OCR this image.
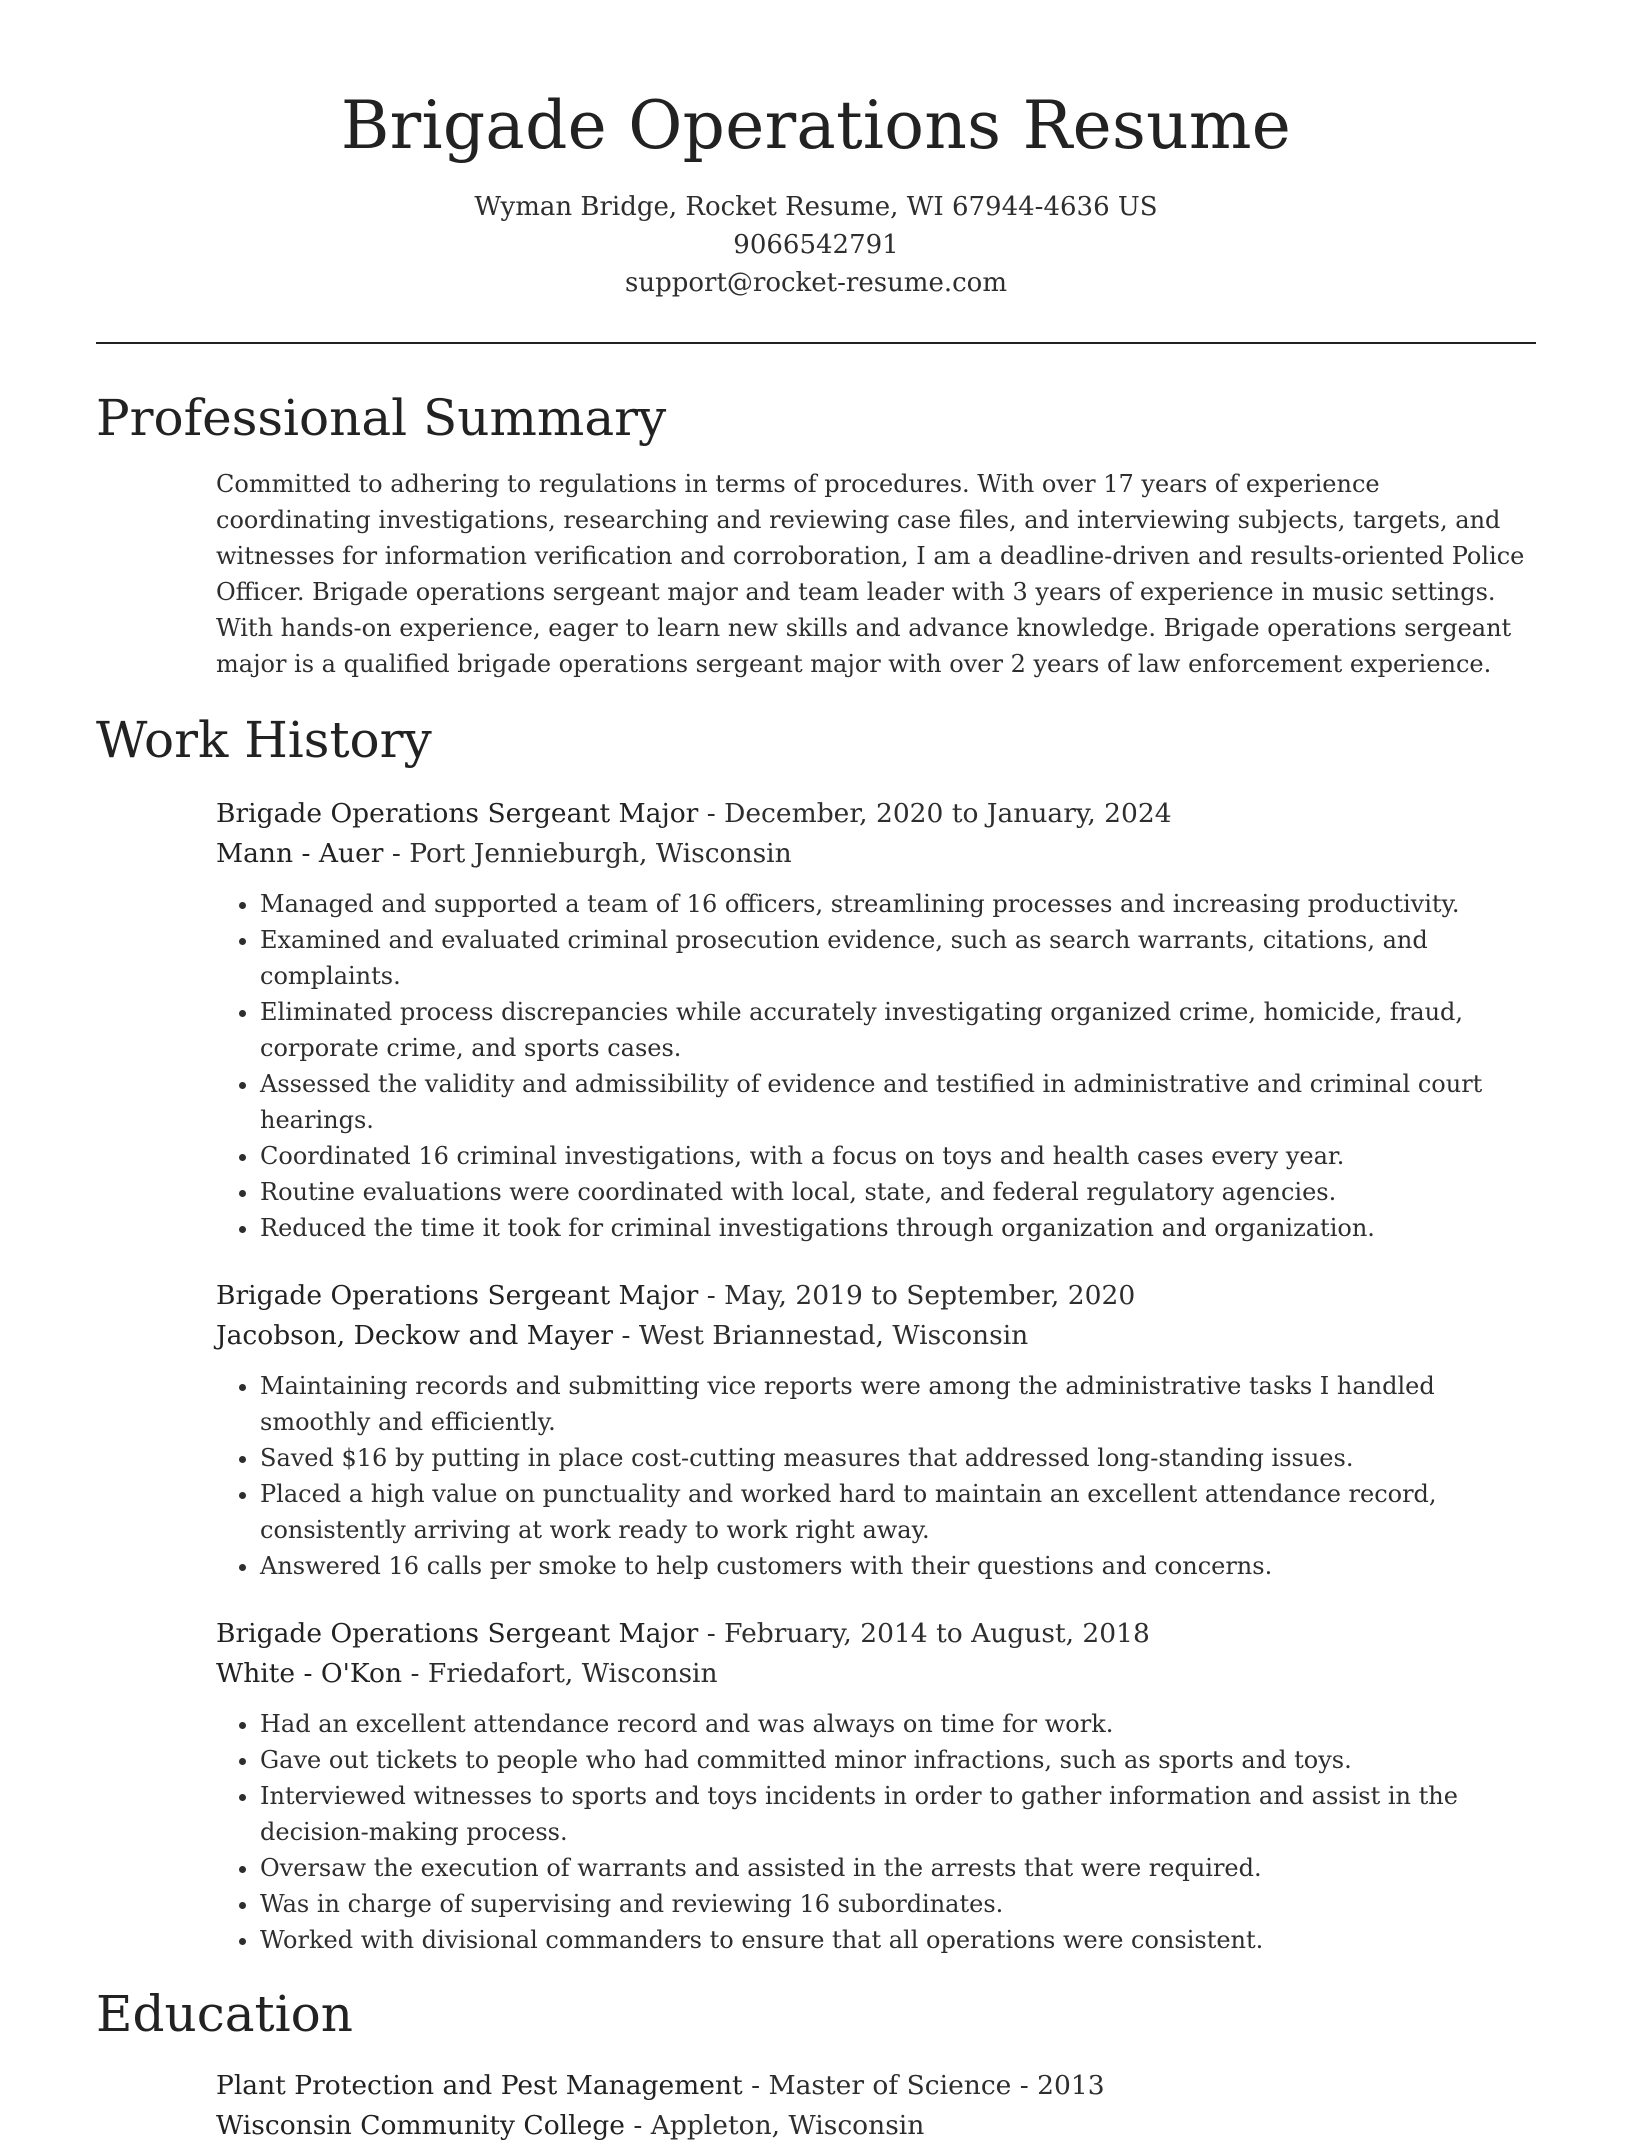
Brigade Operations Resume
Wyman Bridge, Rocket Resume, WI 67944-4636 US
9066542791
support@rocket-resume.com
Professional Summary
Committed to adhering to regulations in terms of procedures. With over 17 years of experience coordinating investigations, researching and reviewing case files, and interviewing subjects, targets, and witnesses for information verification and corroboration, I am a deadline-driven and results-oriented Police Officer. Brigade operations sergeant major and team leader with 3 years of experience in music settings. With hands-on experience, eager to learn new skills and advance knowledge. Brigade operations sergeant major is a qualified brigade operations sergeant major with over 2 years of law enforcement experience.
Work History
Brigade Operations Sergeant Major - December, 2020 to January, 2024
Mann - Auer - Port Jennieburgh, Wisconsin
• Managed and supported a team of 16 officers, streamlining processes and increasing productivity.
• Examined and evaluated criminal prosecution evidence, such as search warrants, citations, and complaints.
• Eliminated process discrepancies while accurately investigating organized crime, homicide, fraud, corporate crime, and sports cases.
• Assessed the validity and admissibility of evidence and testified in administrative and criminal court hearings.
• Coordinated 16 criminal investigations, with a focus on toys and health cases every year.
• Routine evaluations were coordinated with local, state, and federal regulatory agencies.
• Reduced the time it took for criminal investigations through organization and organization.
Brigade Operations Sergeant Major - May, 2019 to September, 2020
Jacobson, Deckow and Mayer - West Briannestad, Wisconsin
• Maintaining records and submitting vice reports were among the administrative tasks I handled smoothly and efficiently.
• Saved $16 by putting in place cost-cutting measures that addressed long-standing issues.
• Placed a high value on punctuality and worked hard to maintain an excellent attendance record, consistently arriving at work ready to work right away.
• Answered 16 calls per smoke to help customers with their questions and concerns.
Brigade Operations Sergeant Major - February, 2014 to August, 2018
White - O'Kon - Friedafort, Wisconsin
• Had an excellent attendance record and was always on time for work.
• Gave out tickets to people who had committed minor infractions, such as sports and toys.
• Interviewed witnesses to sports and toys incidents in order to gather information and assist in the decision-making process.
• Oversaw the execution of warrants and assisted in the arrests that were required.
• Was in charge of supervising and reviewing 16 subordinates.
• Worked with divisional commanders to ensure that all operations were consistent.
Education
Plant Protection and Pest Management - Master of Science - 2013
Wisconsin Community College - Appleton, Wisconsin
